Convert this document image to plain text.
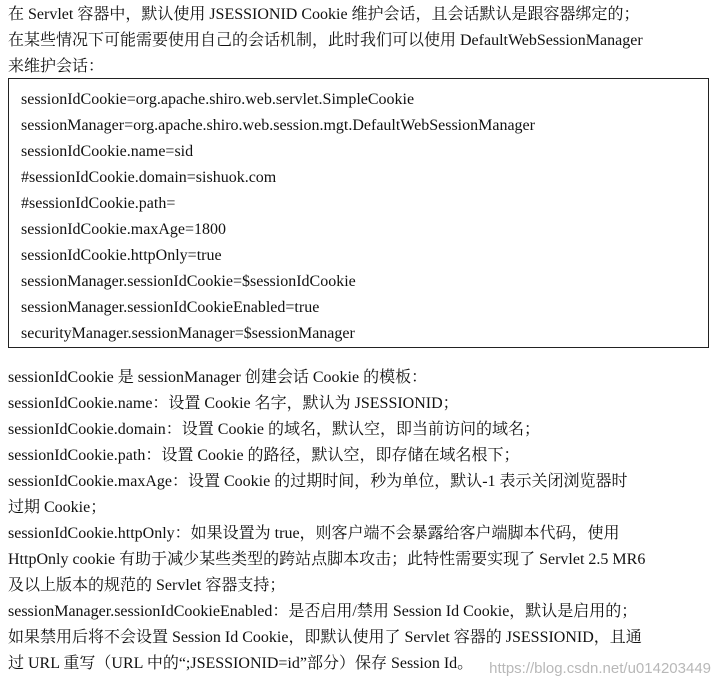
在 Servlet 容器中，默认使用 JSESSIONID Cookie 维护会话，且会话默认是跟容器绑定的；
在某些情况下可能需要使用自己的会话机制，此时我们可以使用 DefaultWebSessionManager
来维护会话：
sessionIdCookie=org.apache.shiro.web.servlet.SimpleCookie
sessionManager=org.apache.shiro.web.session.mgt.DefaultWebSessionManager
sessionIdCookie.name=sid
#sessionIdCookie.domain=sishuok.com
#sessionIdCookie.path=
sessionIdCookie.maxAge=1800
sessionIdCookie.httpOnly=true
sessionManager.sessionIdCookie=$sessionIdCookie
sessionManager.sessionIdCookieEnabled=true
securityManager.sessionManager=$sessionManager
sessionIdCookie 是 sessionManager 创建会话 Cookie 的模板：
sessionIdCookie.name：设置 Cookie 名字，默认为 JSESSIONID；
sessionIdCookie.domain：设置 Cookie 的域名，默认空，即当前访问的域名；
sessionIdCookie.path：设置 Cookie 的路径，默认空，即存储在域名根下；
sessionIdCookie.maxAge：设置 Cookie 的过期时间，秒为单位，默认-1 表示关闭浏览器时
过期 Cookie；
sessionIdCookie.httpOnly：如果设置为 true，则客户端不会暴露给客户端脚本代码，使用
HttpOnly cookie 有助于减少某些类型的跨站点脚本攻击；此特性需要实现了 Servlet 2.5 MR6
及以上版本的规范的 Servlet 容器支持；
sessionManager.sessionIdCookieEnabled：是否启用/禁用 Session Id Cookie，默认是启用的；
如果禁用后将不会设置 Session Id Cookie，即默认使用了 Servlet 容器的 JSESSIONID，且通
过 URL 重写（URL 中的“;JSESSIONID=id”部分）保存 Session Id。	https://blog.csdn.net/u014203449
